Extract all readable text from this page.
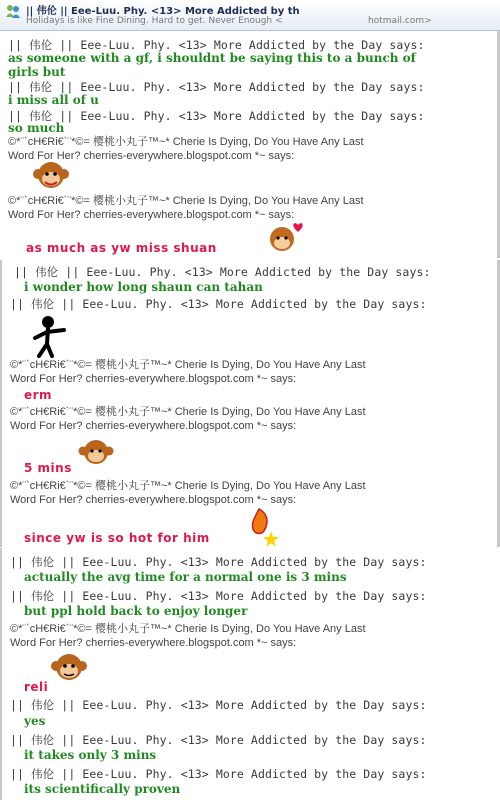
|| 伟伦 || Eee-Luu. Phy. <13> More Addicted by th
Holidays is like Fine Dining. Hard to get. Never Enough <	hotmail.com>
|| 伟伦 || Eee-Luu. Phy. <13> More Addicted by the Day says:
as someone with a gf, i shouldnt be saying this to a bunch of
girls but
|| 伟伦 || Eee-Luu. Phy. <13> More Addicted by the Day says:
i miss all of u
|| 伟伦 || Eee-Luu. Phy. <13> More Addicted by the Day says:
so much
©*¨`cH€Ri€`¨*©= 樱桃小丸子™~* Cherie Is Dying, Do You Have Any Last
Word For Her? cherries-everywhere.blogspot.com *~ says:
©*¨`cH€Ri€`¨*©= 樱桃小丸子™~* Cherie Is Dying, Do You Have Any Last
Word For Her? cherries-everywhere.blogspot.com *~ says:
as much as yw miss shuan
|| 伟伦 || Eee-Luu. Phy. <13> More Addicted by the Day says:
i wonder how long shaun can tahan
|| 伟伦 || Eee-Luu. Phy. <13> More Addicted by the Day says:
©*¨`cH€Ri€`¨*©= 樱桃小丸子™~* Cherie Is Dying, Do You Have Any Last
Word For Her? cherries-everywhere.blogspot.com *~ says:
erm
©*¨`cH€Ri€`¨*©= 樱桃小丸子™~* Cherie Is Dying, Do You Have Any Last
Word For Her? cherries-everywhere.blogspot.com *~ says:
5 mins
©*¨`cH€Ri€`¨*©= 樱桃小丸子™~* Cherie Is Dying, Do You Have Any Last
Word For Her? cherries-everywhere.blogspot.com *~ says:
since yw is so hot for him
|| 伟伦 || Eee-Luu. Phy. <13> More Addicted by the Day says:
actually the avg time for a normal one is 3 mins
|| 伟伦 || Eee-Luu. Phy. <13> More Addicted by the Day says:
but ppl hold back to enjoy longer
©*¨`cH€Ri€`¨*©= 樱桃小丸子™~* Cherie Is Dying, Do You Have Any Last
Word For Her? cherries-everywhere.blogspot.com *~ says:
reli
|| 伟伦 || Eee-Luu. Phy. <13> More Addicted by the Day says:
yes
|| 伟伦 || Eee-Luu. Phy. <13> More Addicted by the Day says:
it takes only 3 mins
|| 伟伦 || Eee-Luu. Phy. <13> More Addicted by the Day says:
its scientifically proven
